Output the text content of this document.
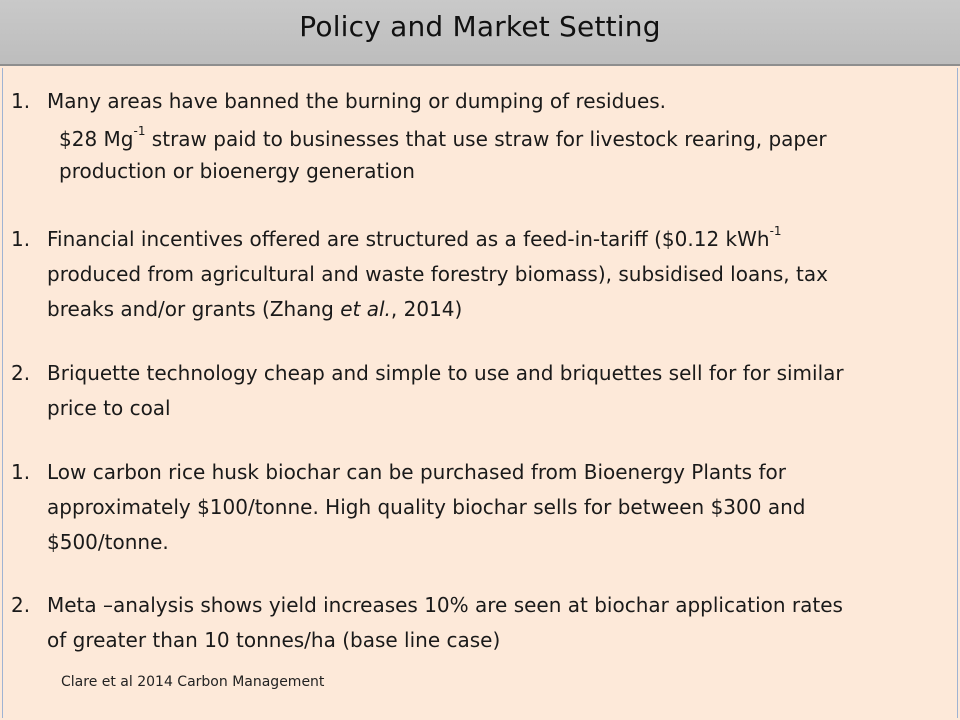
Policy and Market Setting
1. Many areas have banned the burning or dumping of residues.
$28 $Mg^{-1}$ straw paid to businesses that use straw for livestock rearing, paper
production or bioenergy generation
1. Financial incentives offered are structured as a feed-in-tariff ($0.12 kWh$^{-1}$
produced from agricultural and waste forestry biomass), subsidised loans, tax
breaks and/or grants (Zhang et al., 2014)
2. Briquette technology cheap and simple to use and briquettes sell for for similar
price to coal
1. Low carbon rice husk biochar can be purchased from Bioenergy Plants for
approximately $100/tonne. High quality biochar sells for between $300 and
$500/tonne.
2. Meta –analysis shows yield increases 10% are seen at biochar application rates
of greater than 10 tonnes/ha (base line case)
Clare et al 2014 Carbon Management
